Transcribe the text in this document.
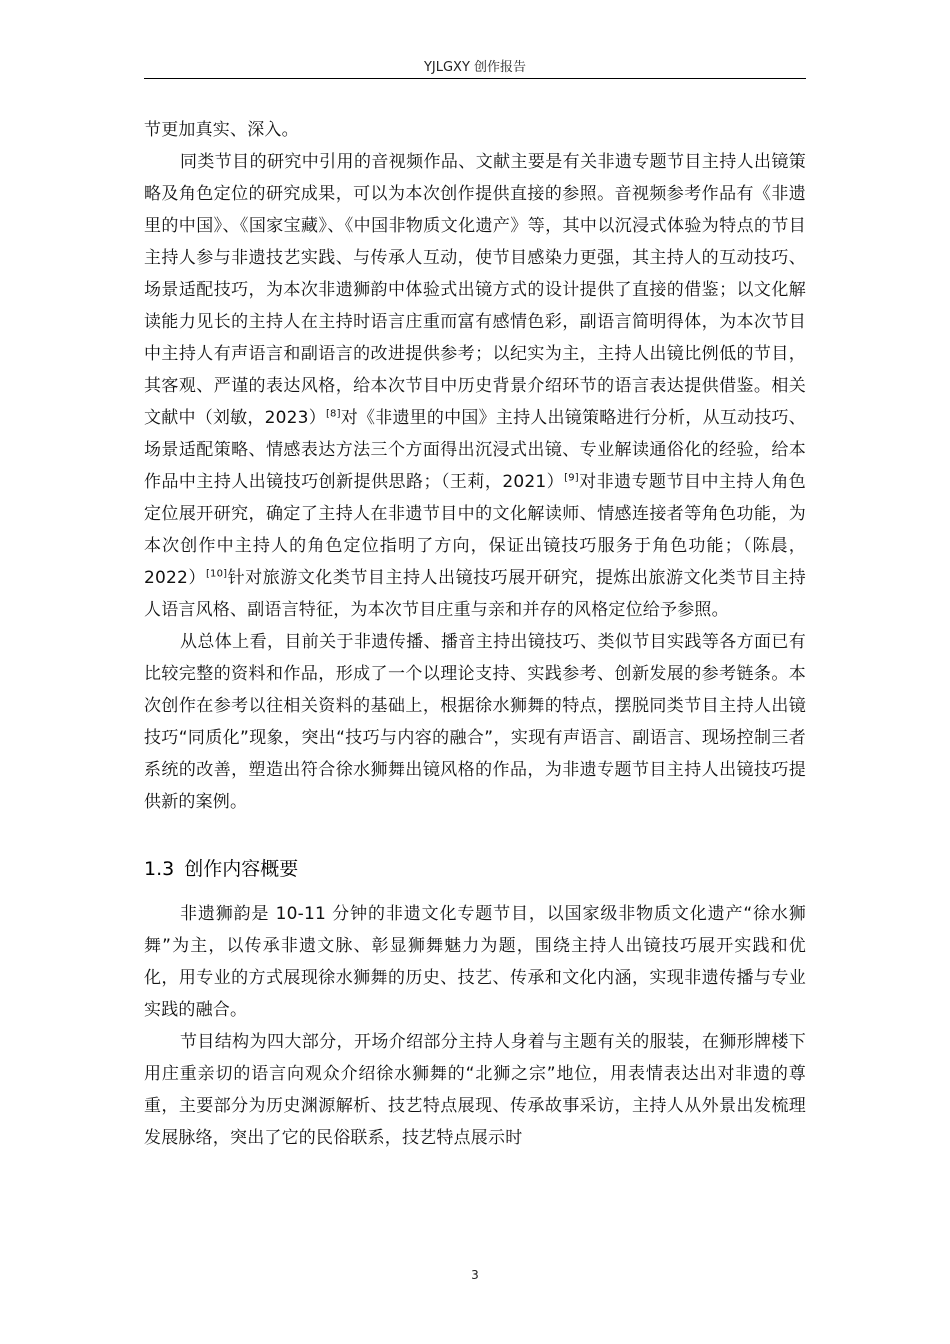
YJLGXY 创作报告

节更加真实、深入。

同类节目的研究中引用的音视频作品、文献主要是有关非遗专题节目主持人出镜策略及角色定位的研究成果，可以为本次创作提供直接的参照。音视频参考作品有《非遗里的中国》、《国家宝藏》、《中国非物质文化遗产》等，其中以沉浸式体验为特点的节目主持人参与非遗技艺实践、与传承人互动，使节目感染力更强，其主持人的互动技巧、场景适配技巧，为本次非遗狮韵中体验式出镜方式的设计提供了直接的借鉴；以文化解读能力见长的主持人在主持时语言庄重而富有感情色彩，副语言简明得体，为本次节目中主持人有声语言和副语言的改进提供参考；以纪实为主，主持人出镜比例低的节目，其客观、严谨的表达风格，给本次节目中历史背景介绍环节的语言表达提供借鉴。相关文献中（刘敏，2023）[8]对《非遗里的中国》主持人出镜策略进行分析，从互动技巧、场景适配策略、情感表达方法三个方面得出沉浸式出镜、专业解读通俗化的经验，给本作品中主持人出镜技巧创新提供思路；（王莉，2021）[9]对非遗专题节目中主持人角色定位展开研究，确定了主持人在非遗节目中的文化解读师、情感连接者等角色功能，为本次创作中主持人的角色定位指明了方向，保证出镜技巧服务于角色功能；（陈晨，2022）[10]针对旅游文化类节目主持人出镜技巧展开研究，提炼出旅游文化类节目主持人语言风格、副语言特征，为本次节目庄重与亲和并存的风格定位给予参照。

从总体上看，目前关于非遗传播、播音主持出镜技巧、类似节目实践等各方面已有比较完整的资料和作品，形成了一个以理论支持、实践参考、创新发展的参考链条。本次创作在参考以往相关资料的基础上，根据徐水狮舞的特点，摆脱同类节目主持人出镜技巧“同质化”现象，突出“技巧与内容的融合”，实现有声语言、副语言、现场控制三者系统的改善，塑造出符合徐水狮舞出镜风格的作品，为非遗专题节目主持人出镜技巧提供新的案例。

1.3 创作内容概要

非遗狮韵是 10-11 分钟的非遗文化专题节目，以国家级非物质文化遗产“徐水狮舞”为主，以传承非遗文脉、彰显狮舞魅力为题，围绕主持人出镜技巧展开实践和优化，用专业的方式展现徐水狮舞的历史、技艺、传承和文化内涵，实现非遗传播与专业实践的融合。

节目结构为四大部分，开场介绍部分主持人身着与主题有关的服装，在狮形牌楼下用庄重亲切的语言向观众介绍徐水狮舞的“北狮之宗”地位，用表情表达出对非遗的尊重，主要部分为历史渊源解析、技艺特点展现、传承故事采访，主持人从外景出发梳理发展脉络，突出了它的民俗联系，技艺特点展示时

3
